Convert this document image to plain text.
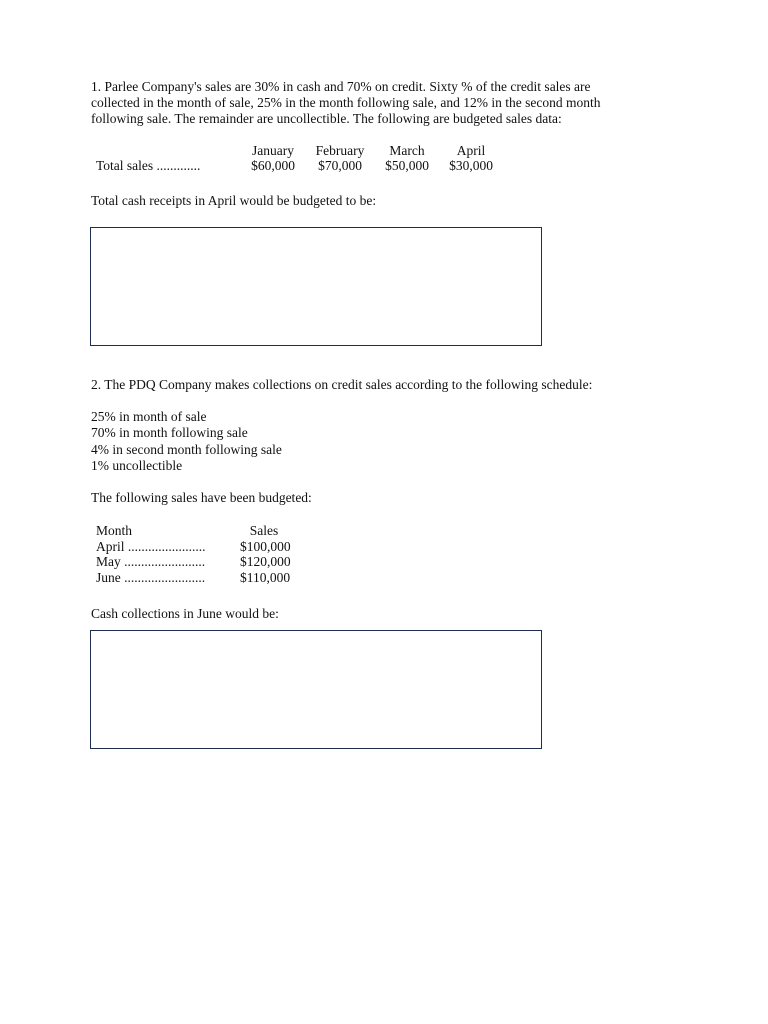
1. Parlee Company's sales are 30% in cash and 70% on credit. Sixty % of the credit sales are
collected in the month of sale, 25% in the month following sale, and 12% in the second month
following sale. The remainder are uncollectible. The following are budgeted sales data:

	January	February	March	April
Total sales .............	$60,000	$70,000	$50,000	$30,000

Total cash receipts in April would be budgeted to be:

2. The PDQ Company makes collections on credit sales according to the following schedule:

25% in month of sale
70% in month following sale
4% in second month following sale
1% uncollectible

The following sales have been budgeted:

Month	Sales
April .......................	$100,000
May ........................	$120,000
June ........................	$110,000

Cash collections in June would be:
